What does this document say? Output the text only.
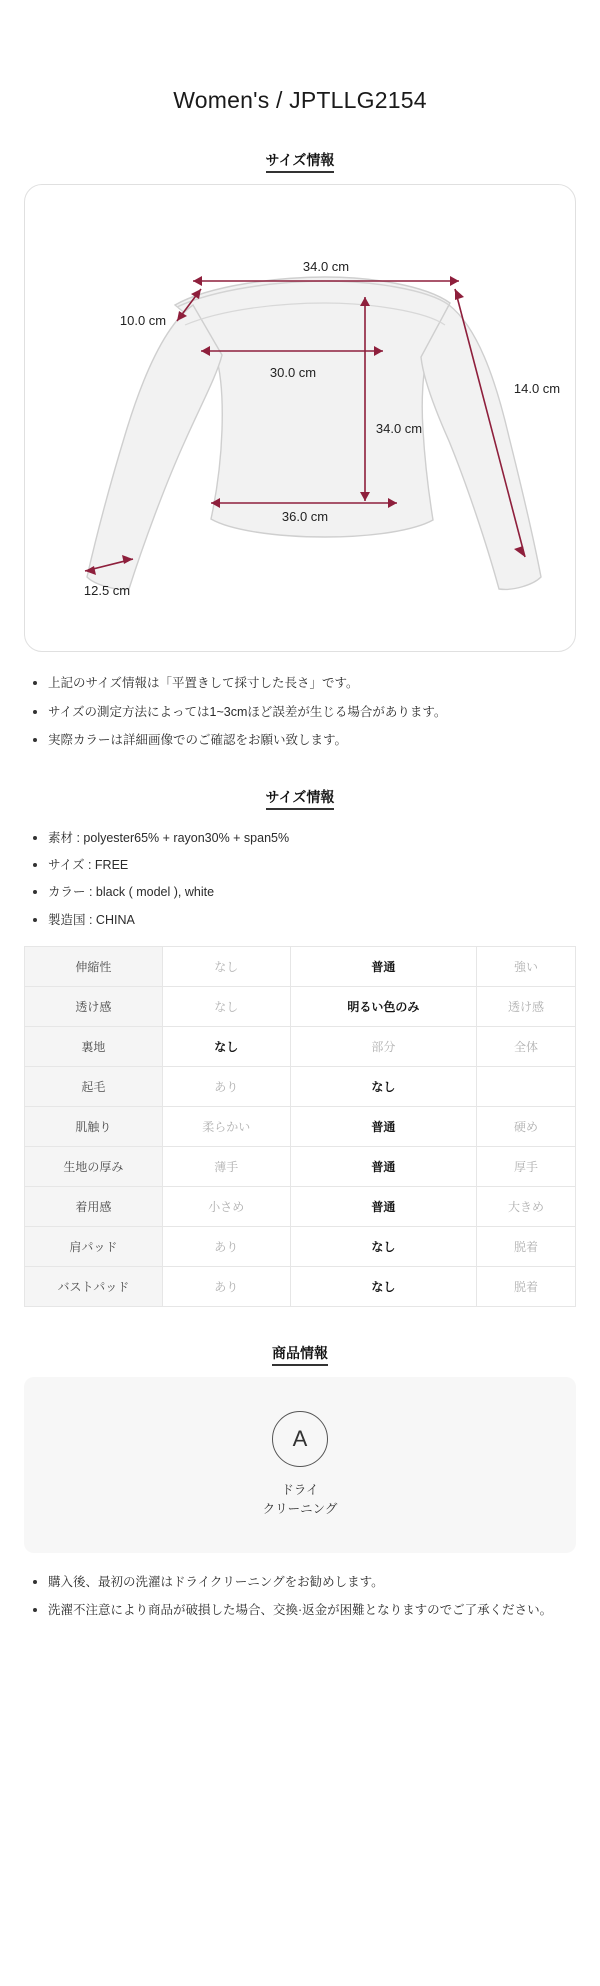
Women's / JPTLLG2154
サイズ情報
34.0 cm
10.0 cm
30.0 cm
14.0 cm
34.0 cm
36.0 cm
12.5 cm
上記のサイズ情報は「平置きして採寸した長さ」です。
サイズの測定方法によっては1~3cmほど誤差が生じる場合があります。
実際カラーは詳細画像でのご確認をお願い致します。
サイズ情報
素材 : polyester65% + rayon30% + span5%
サイズ : FREE
カラー : black ( model ), white
製造国 : CHINA
伸縮性	なし	普通	強い
透け感	なし	明るい色のみ	透け感
裏地	なし	部分	全体
起毛	あり	なし	
肌触り	柔らかい	普通	硬め
生地の厚み	薄手	普通	厚手
着用感	小さめ	普通	大きめ
肩パッド	あり	なし	脱着
バストパッド	あり	なし	脱着
商品情報
A
ドライ
クリーニング
購入後、最初の洗濯はドライクリーニングをお勧めします。
洗濯不注意により商品が破損した場合、交換·返金が困難となりますのでご了承ください。
